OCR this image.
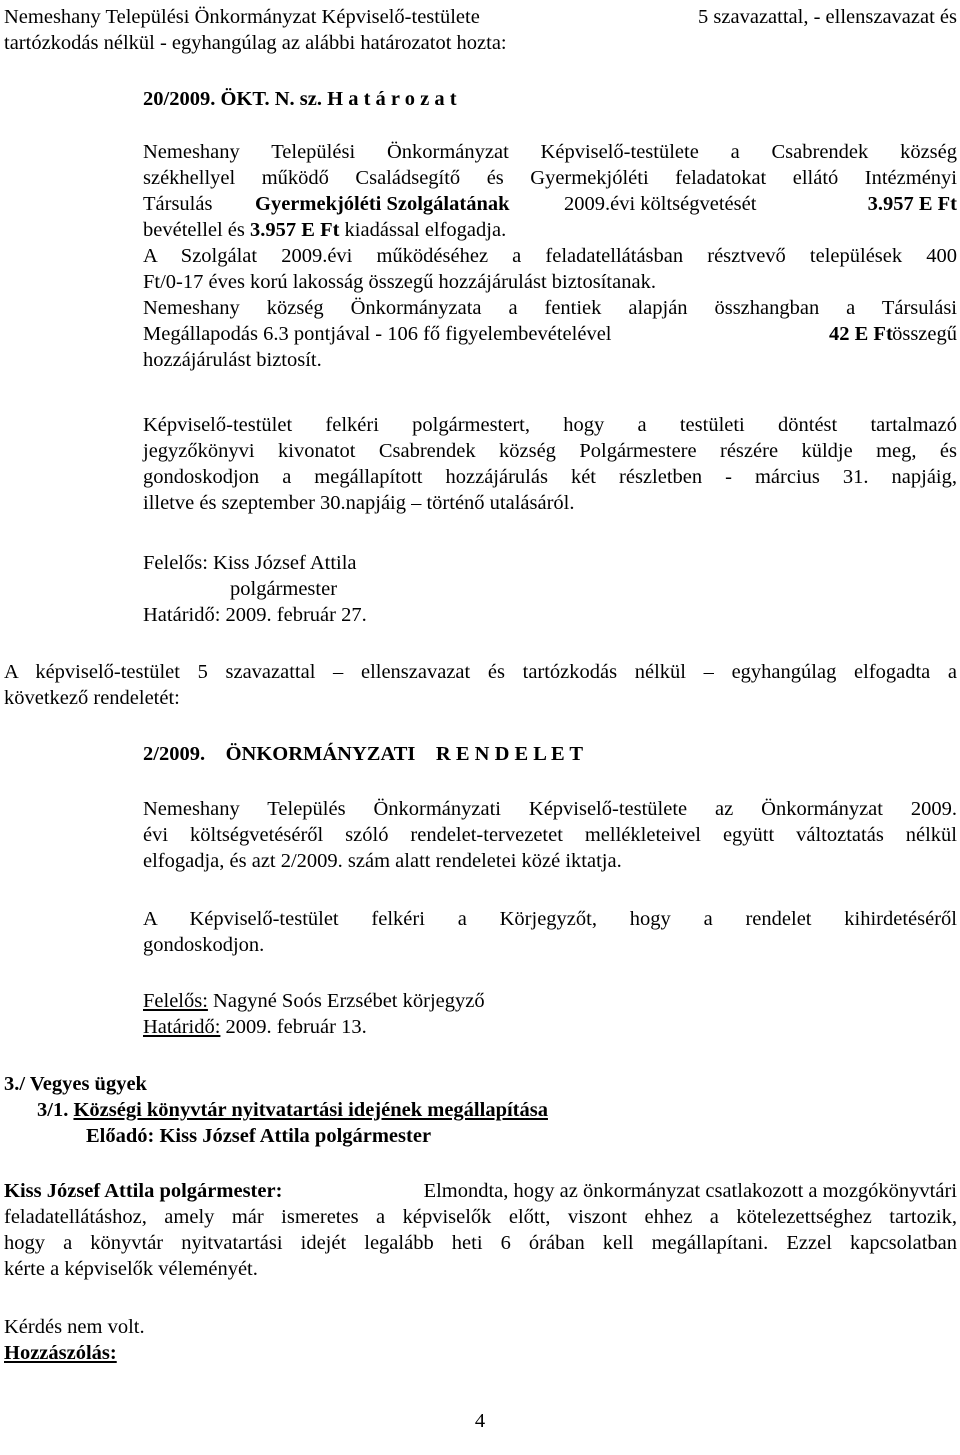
Nemeshany Települési Önkormányzat Képviselő-testülete	5 szavazattal, - ellenszavazat és
tartózkodás nélkül - egyhangúlag az alábbi határozatot hozta:
20/2009. ÖKT. N. sz. H a t á r o z a t
Nemeshany Települési Önkormányzat Képviselő-testülete a Csabrendek község
székhellyel működő Családsegítő és Gyermekjóléti feladatokat ellátó Intézményi
Társulás Gyermekjóléti Szolgálatának	2009.évi költségvetését	3.957 E Ft
bevétellel és 3.957 E Ft kiadással elfogadja.
A Szolgálat 2009.évi működéséhez a feladatellátásban résztvevő települések 400
Ft/0-17 éves korú lakosság összegű hozzájárulást biztosítanak.
Nemeshany község Önkormányzata a fentiek alapján összhangban a Társulási
Megállapodás 6.3 pontjával - 106 fő figyelembevételével	42 E Ft összegű
hozzájárulást biztosít.
Képviselő-testület felkéri polgármestert, hogy a testületi döntést tartalmazó
jegyzőkönyvi kivonatot Csabrendek község Polgármestere részére küldje meg, és
gondoskodjon a megállapított hozzájárulás két részletben - március 31. napjáig,
illetve és szeptember 30.napjáig – történő utalásáról.
Felelős: Kiss József Attila
polgármester
Határidő: 2009. február 27.
A képviselő-testület 5 szavazattal – ellenszavazat és tartózkodás nélkül – egyhangúlag elfogadta a
következő rendeletét:
2/2009. ÖNKORMÁNYZATI R E N D E L E T
Nemeshany Település Önkormányzati Képviselő-testülete az Önkormányzat 2009.
évi költségvetéséről szóló rendelet-tervezetet mellékleteivel együtt változtatás nélkül
elfogadja, és azt 2/2009. szám alatt rendeletei közé iktatja.
A Képviselő-testület felkéri a Körjegyzőt, hogy a rendelet kihirdetéséről
gondoskodjon.
Felelős: Nagyné Soós Erzsébet körjegyző
Határidő: 2009. február 13.
3./ Vegyes ügyek
3/1. Községi könyvtár nyitvatartási idejének megállapítása
Előadó: Kiss József Attila polgármester
Kiss József Attila polgármester:	Elmondta, hogy az önkormányzat csatlakozott a mozgókönyvtári
feladatellátáshoz, amely már ismeretes a képviselők előtt, viszont ehhez a kötelezettséghez tartozik,
hogy a könyvtár nyitvatartási idejét legalább heti 6 órában kell megállapítani. Ezzel kapcsolatban
kérte a képviselők véleményét.
Kérdés nem volt.
Hozzászólás:
4
